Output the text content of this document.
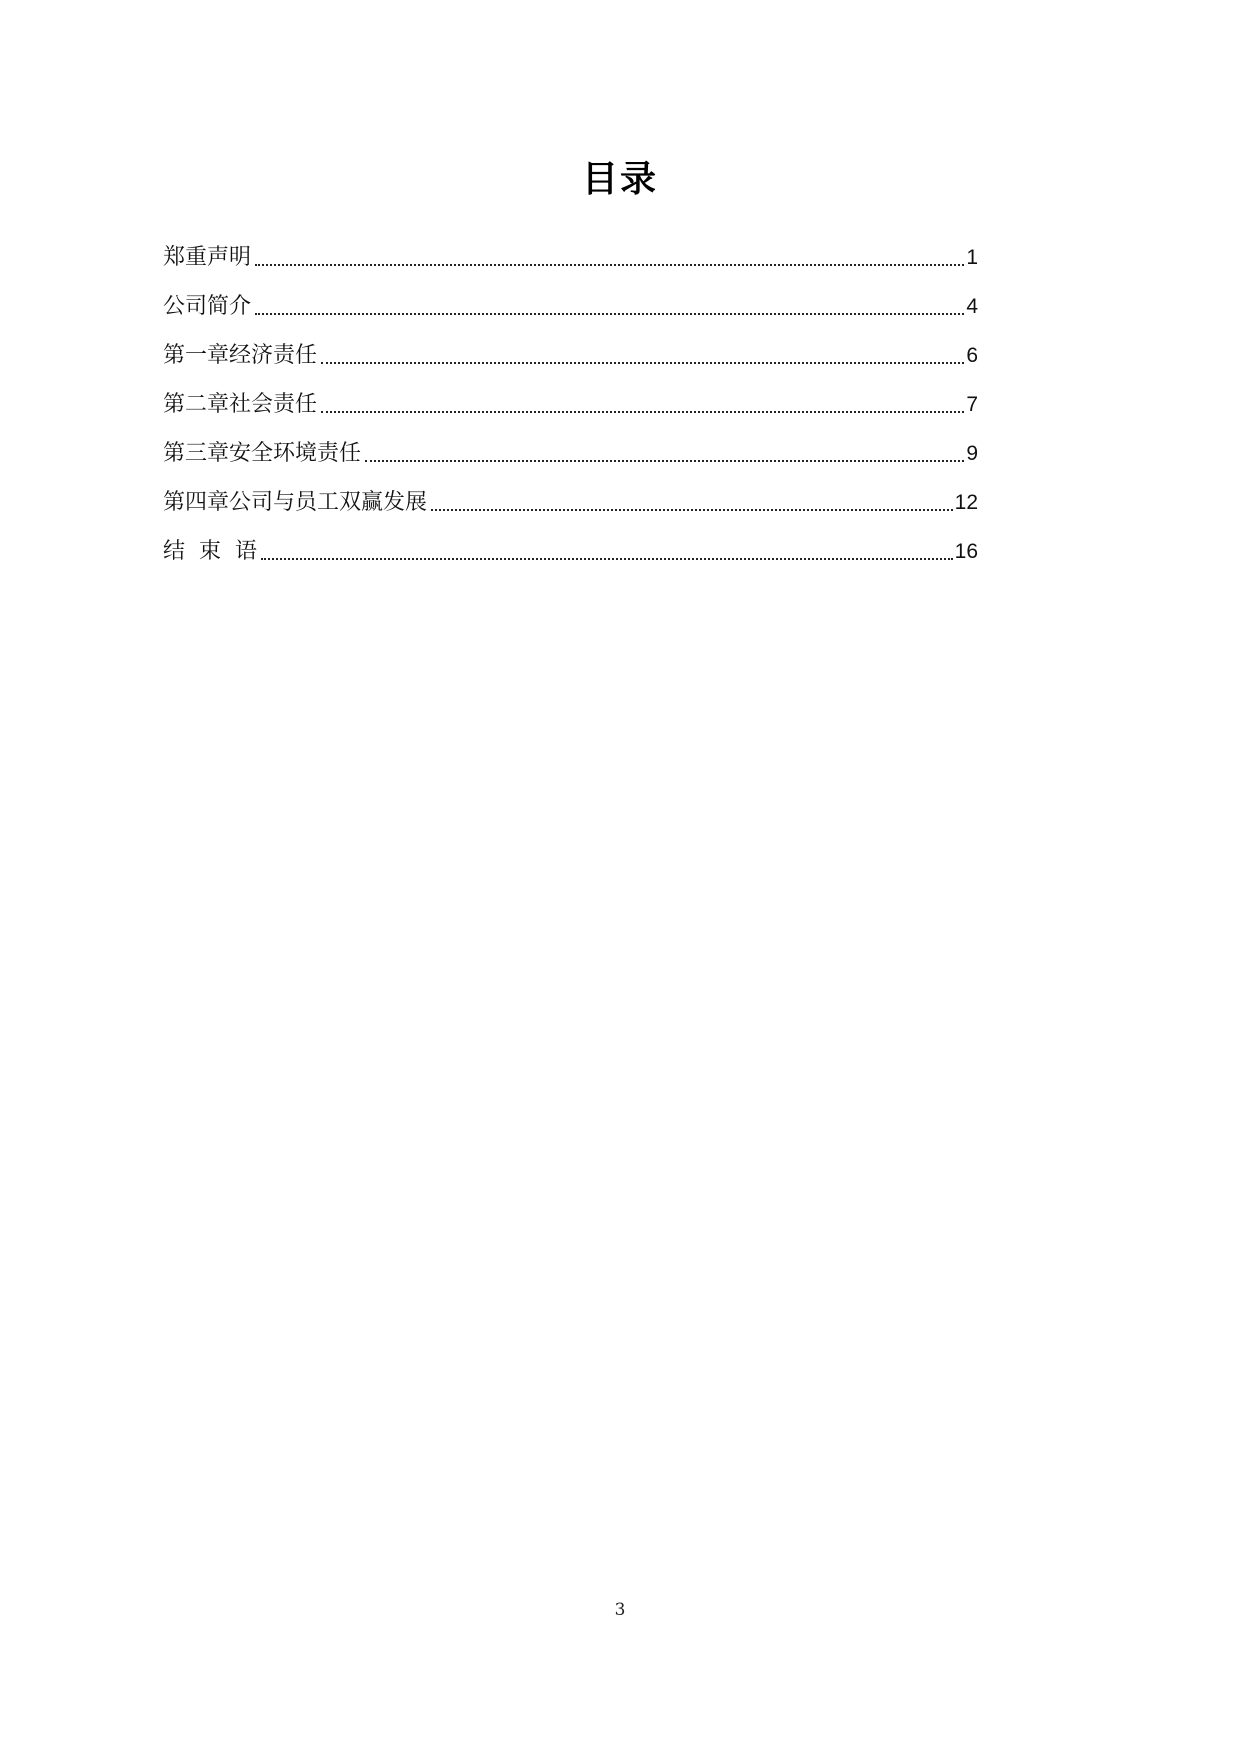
目录
郑重声明	1
公司简介	4
第一章经济责任	6
第二章社会责任	7
第三章安全环境责任	9
第四章公司与员工双赢发展	12
结束语	16
3
